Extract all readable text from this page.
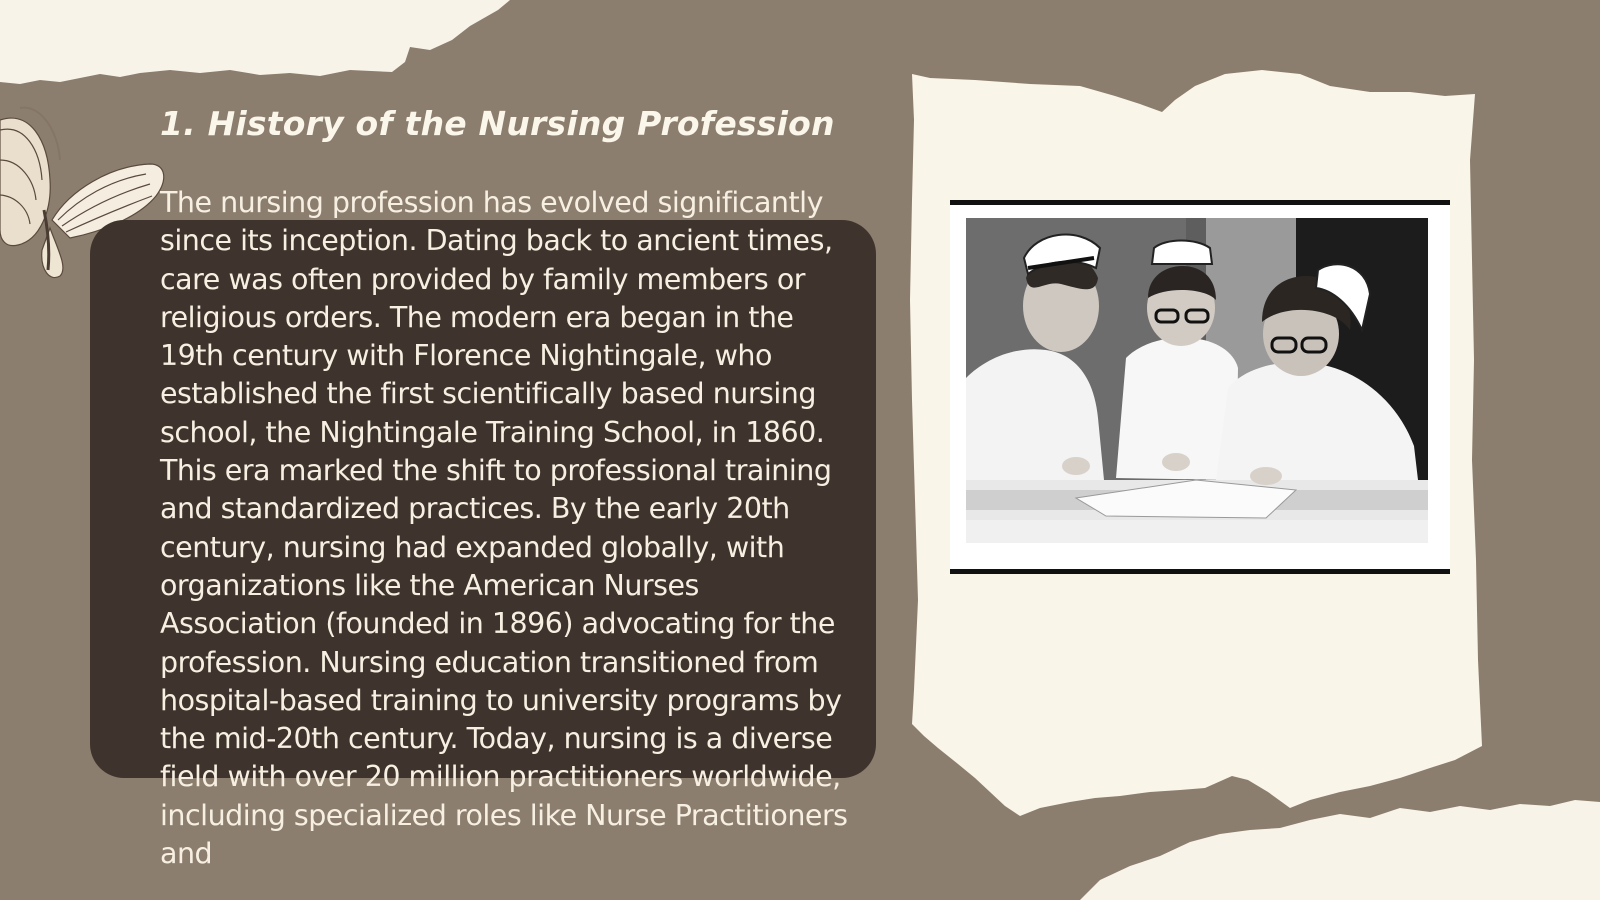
1. History of the Nursing Profession

The nursing profession has evolved significantly since its inception. Dating back to ancient times, care was often provided by family members or religious orders. The modern era began in the 19th century with Florence Nightingale, who established the first scientifically based nursing school, the Nightingale Training School, in 1860. This era marked the shift to professional training and standardized practices. By the early 20th century, nursing had expanded globally, with organizations like the American Nurses Association (founded in 1896) advocating for the profession. Nursing education transitioned from hospital-based training to university programs by the mid-20th century. Today, nursing is a diverse field with over 20 million practitioners worldwide, including specialized roles like Nurse Practitioners and
